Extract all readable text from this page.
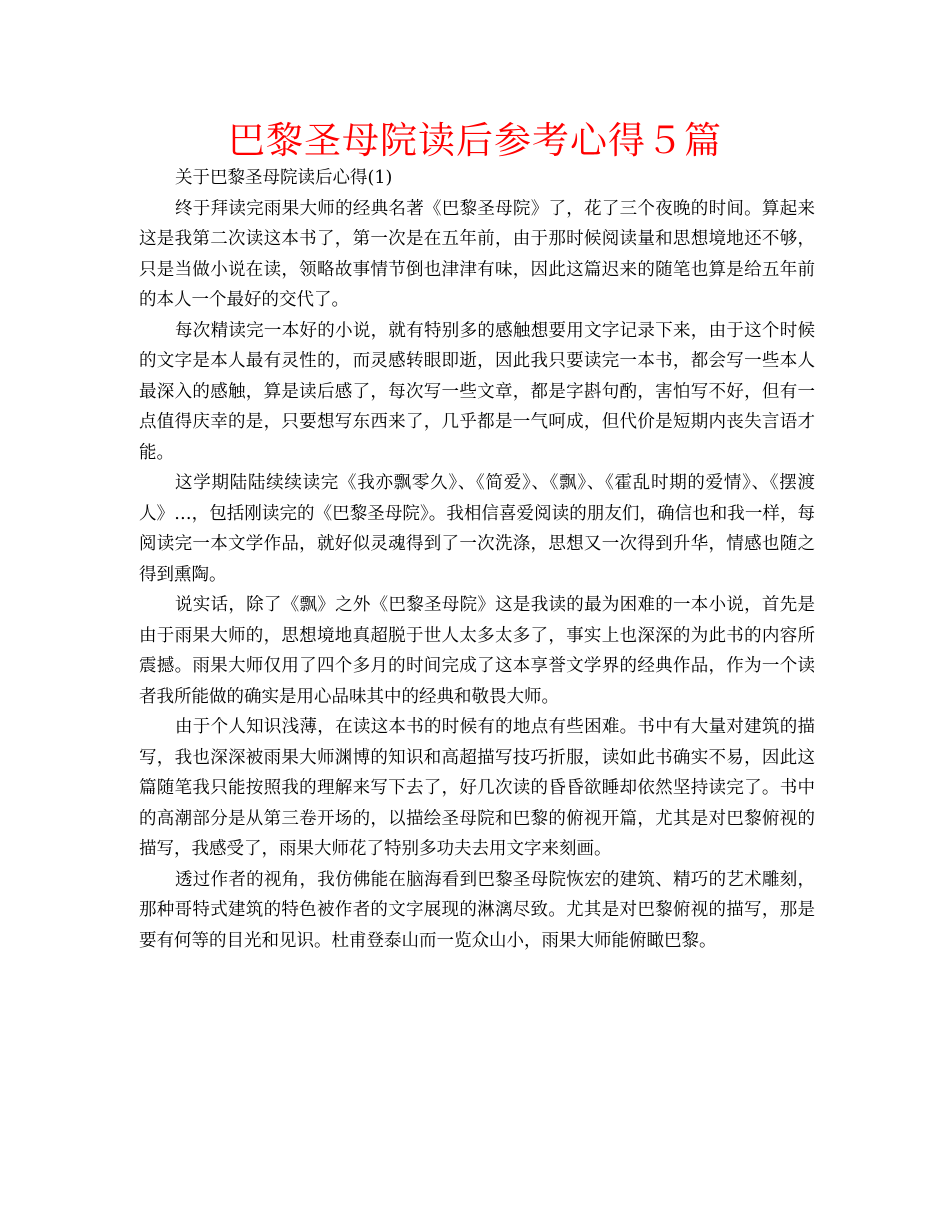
巴黎圣母院读后参考心得５篇

关于巴黎圣母院读后心得(1)

终于拜读完雨果大师的经典名著《巴黎圣母院》了，花了三个夜晚的时间。算起来这是我第二次读这本书了，第一次是在五年前，由于那时候阅读量和思想境地还不够，只是当做小说在读，领略故事情节倒也津津有味，因此这篇迟来的随笔也算是给五年前的本人一个最好的交代了。

每次精读完一本好的小说，就有特别多的感触想要用文字记录下来，由于这个时候的文字是本人最有灵性的，而灵感转眼即逝，因此我只要读完一本书，都会写一些本人最深入的感触，算是读后感了，每次写一些文章，都是字斟句酌，害怕写不好，但有一点值得庆幸的是，只要想写东西来了，几乎都是一气呵成，但代价是短期内丧失言语才能。

这学期陆陆续续读完《我亦飘零久》、《简爱》、《飘》、《霍乱时期的爱情》、《摆渡人》…，包括刚读完的《巴黎圣母院》。我相信喜爱阅读的朋友们，确信也和我一样，每阅读完一本文学作品，就好似灵魂得到了一次洗涤，思想又一次得到升华，情感也随之得到熏陶。

说实话，除了《飘》之外《巴黎圣母院》这是我读的最为困难的一本小说，首先是由于雨果大师的，思想境地真超脱于世人太多太多了，事实上也深深的为此书的内容所震撼。雨果大师仅用了四个多月的时间完成了这本享誉文学界的经典作品，作为一个读者我所能做的确实是用心品味其中的经典和敬畏大师。

由于个人知识浅薄，在读这本书的时候有的地点有些困难。书中有大量对建筑的描写，我也深深被雨果大师渊博的知识和高超描写技巧折服，读如此书确实不易，因此这篇随笔我只能按照我的理解来写下去了，好几次读的昏昏欲睡却依然坚持读完了。书中的高潮部分是从第三卷开场的，以描绘圣母院和巴黎的俯视开篇，尤其是对巴黎俯视的描写，我感受了，雨果大师花了特别多功夫去用文字来刻画。

透过作者的视角，我仿佛能在脑海看到巴黎圣母院恢宏的建筑、精巧的艺术雕刻，那种哥特式建筑的特色被作者的文字展现的淋漓尽致。尤其是对巴黎俯视的描写，那是要有何等的目光和见识。杜甫登泰山而一览众山小，雨果大师能俯瞰巴黎。
